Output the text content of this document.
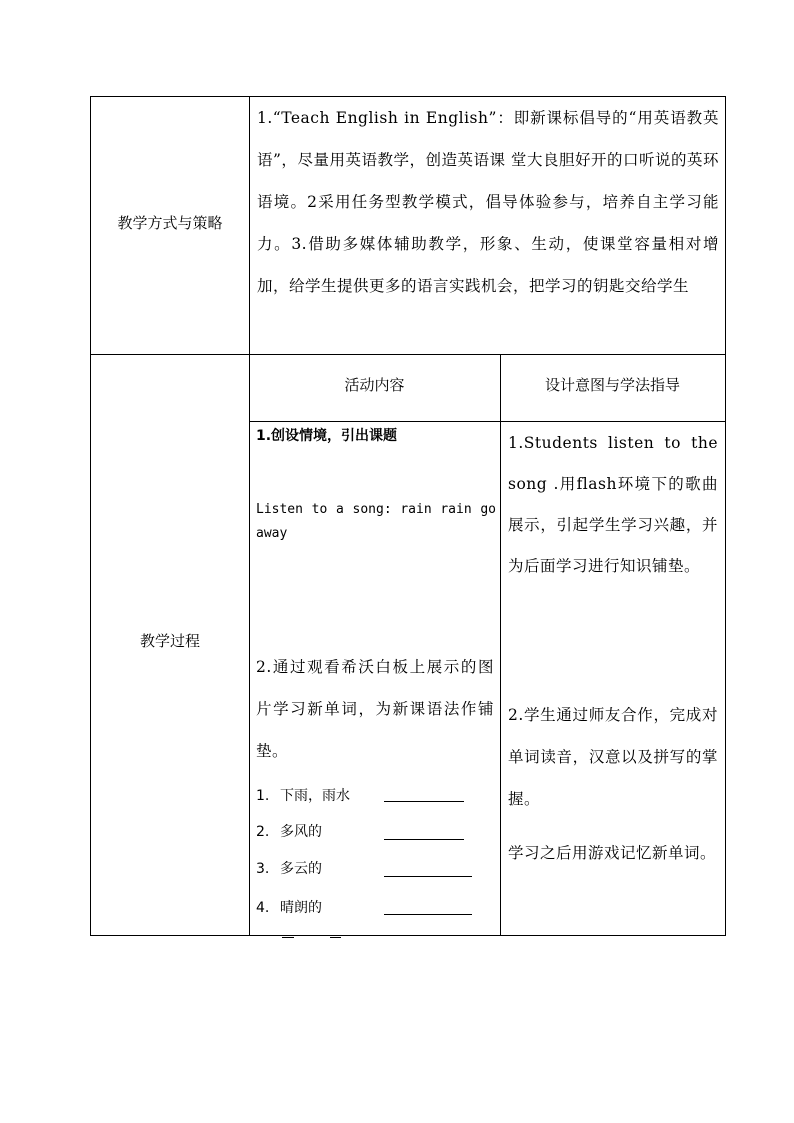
教学方式与策略
1.“Teach English in English”：即新课标倡导的“用英语教英语”，尽量用英语教学，创造英语课 堂大良胆好开的口听说的英环语境。2采用任务型教学模式，倡导体验参与，培养自主学习能力。3.借助多媒体辅助教学，形象、生动，使课堂容量相对增加，给学生提供更多的语言实践机会，把学习的钥匙交给学生
教学过程
活动内容	设计意图与学法指导
1.创设情境，引出课题
Listen to a song: rain rain go away
2.通过观看希沃白板上展示的图片学习新单词，为新课语法作铺垫。
1. 下雨，雨水
2. 多风的
3. 多云的
4. 晴朗的
1.Students listen to the song .用flash环境下的歌曲展示，引起学生学习兴趣，并为后面学习进行知识铺垫。
2.学生通过师友合作，完成对单词读音，汉意以及拼写的掌握。
学习之后用游戏记忆新单词。
